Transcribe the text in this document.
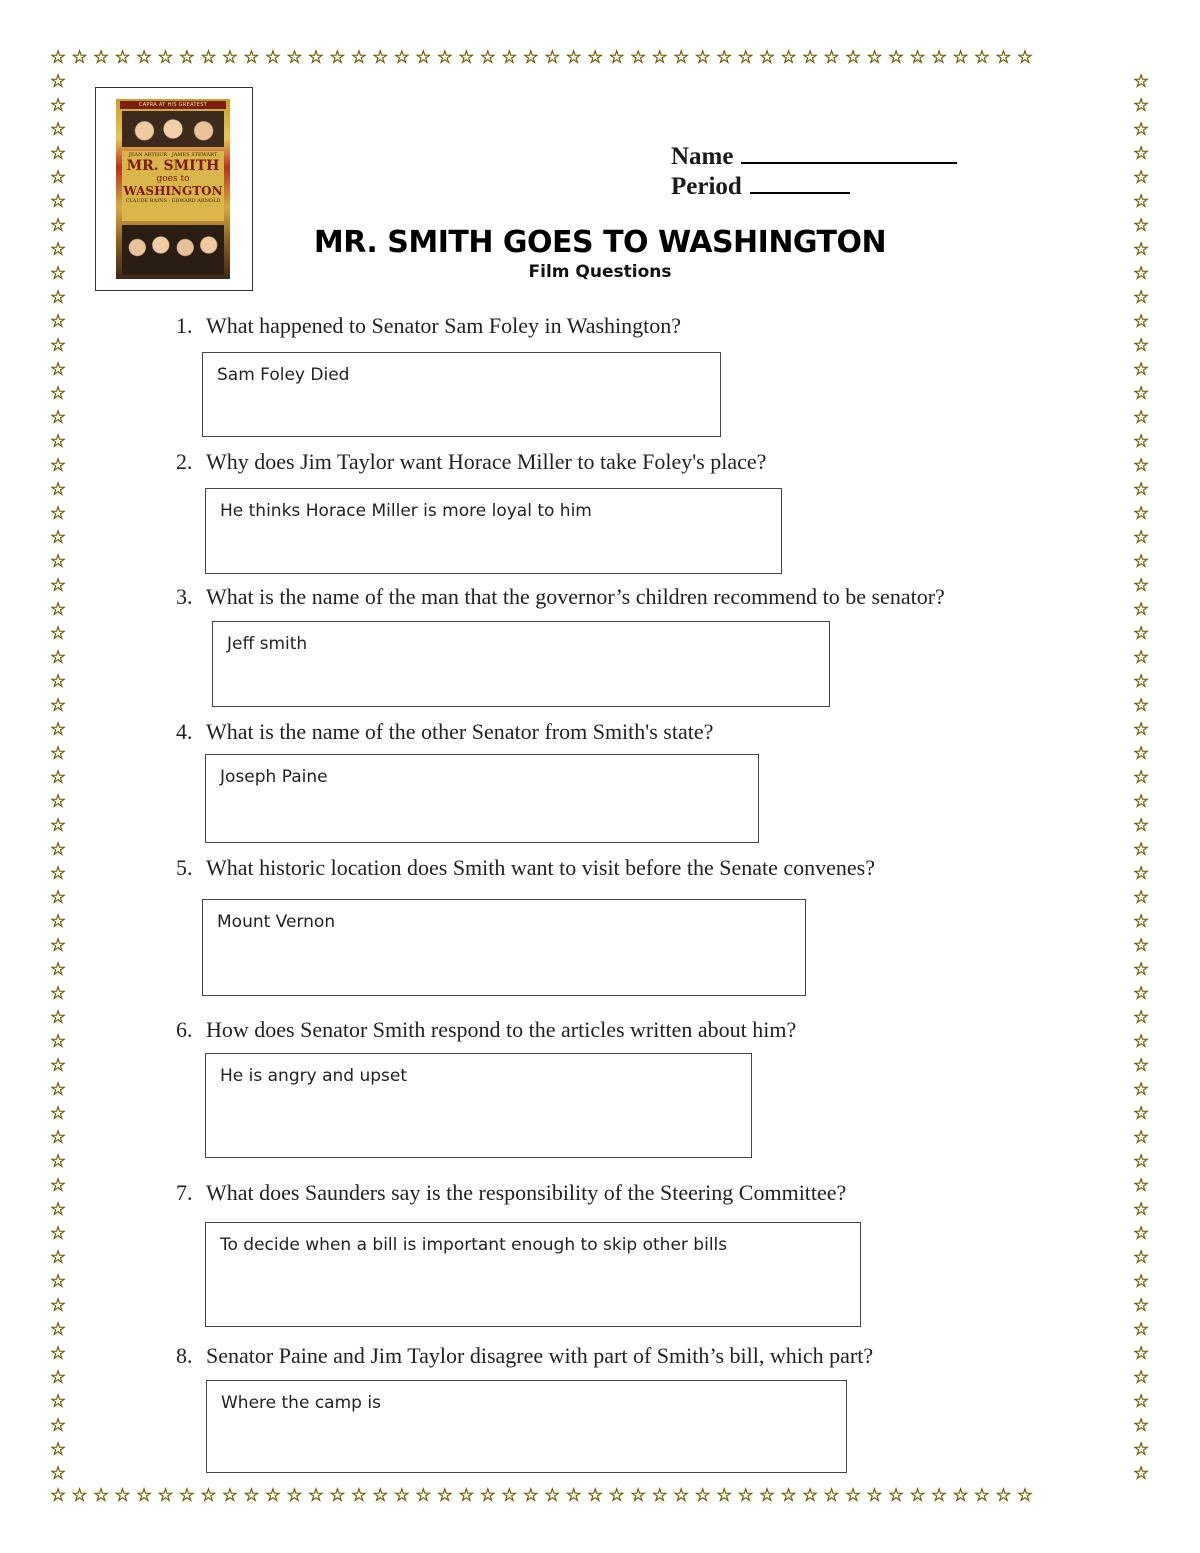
☆☆☆☆☆☆☆☆☆☆☆☆☆☆☆☆☆☆☆☆☆☆☆☆☆☆☆☆☆☆☆☆☆☆☆☆☆☆☆☆☆☆☆☆☆☆
☆☆☆☆☆☆☆☆☆☆☆☆☆☆☆☆☆☆☆☆☆☆☆☆☆☆☆☆☆☆☆☆☆☆☆☆☆☆☆☆☆☆☆☆☆☆
☆
☆
☆
☆
☆
☆
☆
☆
☆
☆
☆
☆
☆
☆
☆
☆
☆
☆
☆
☆
☆
☆
☆
☆
☆
☆
☆
☆
☆
☆
☆
☆
☆
☆
☆
☆
☆
☆
☆
☆
☆
☆
☆
☆
☆
☆
☆
☆
☆
☆
☆
☆
☆
☆
☆
☆
☆
☆
☆
☆
☆
☆
☆
☆
☆
☆
☆
☆
☆
☆
☆
☆
☆
☆
☆
☆
☆
☆
☆
☆
☆
☆
☆
☆
☆
☆
☆
☆
☆
☆
☆
☆
☆
☆
☆
☆
☆
☆
☆
☆
☆
☆
☆
☆
☆
☆
☆
☆
☆
☆
☆
☆
☆
☆
☆
☆
☆
☆
CAPRA AT HIS GREATEST
JEAN ARTHUR · JAMES STEWART
MR. SMITH
goes to
WASHINGTON
CLAUDE RAINS · EDWARD ARNOLD
Name
Period
MR. SMITH GOES TO WASHINGTON
Film Questions
1. What happened to Senator Sam Foley in Washington?
Sam Foley Died
2. Why does Jim Taylor want Horace Miller to take Foley's place?
He thinks Horace Miller is more loyal to him
3. What is the name of the man that the governor’s children recommend to be senator?
Jeff smith
4. What is the name of the other Senator from Smith's state?
Joseph Paine
5. What historic location does Smith want to visit before the Senate convenes?
Mount Vernon
6. How does Senator Smith respond to the articles written about him?
He is angry and upset
7. What does Saunders say is the responsibility of the Steering Committee?
To decide when a bill is important enough to skip other bills
8. Senator Paine and Jim Taylor disagree with part of Smith’s bill, which part?
Where the camp is
